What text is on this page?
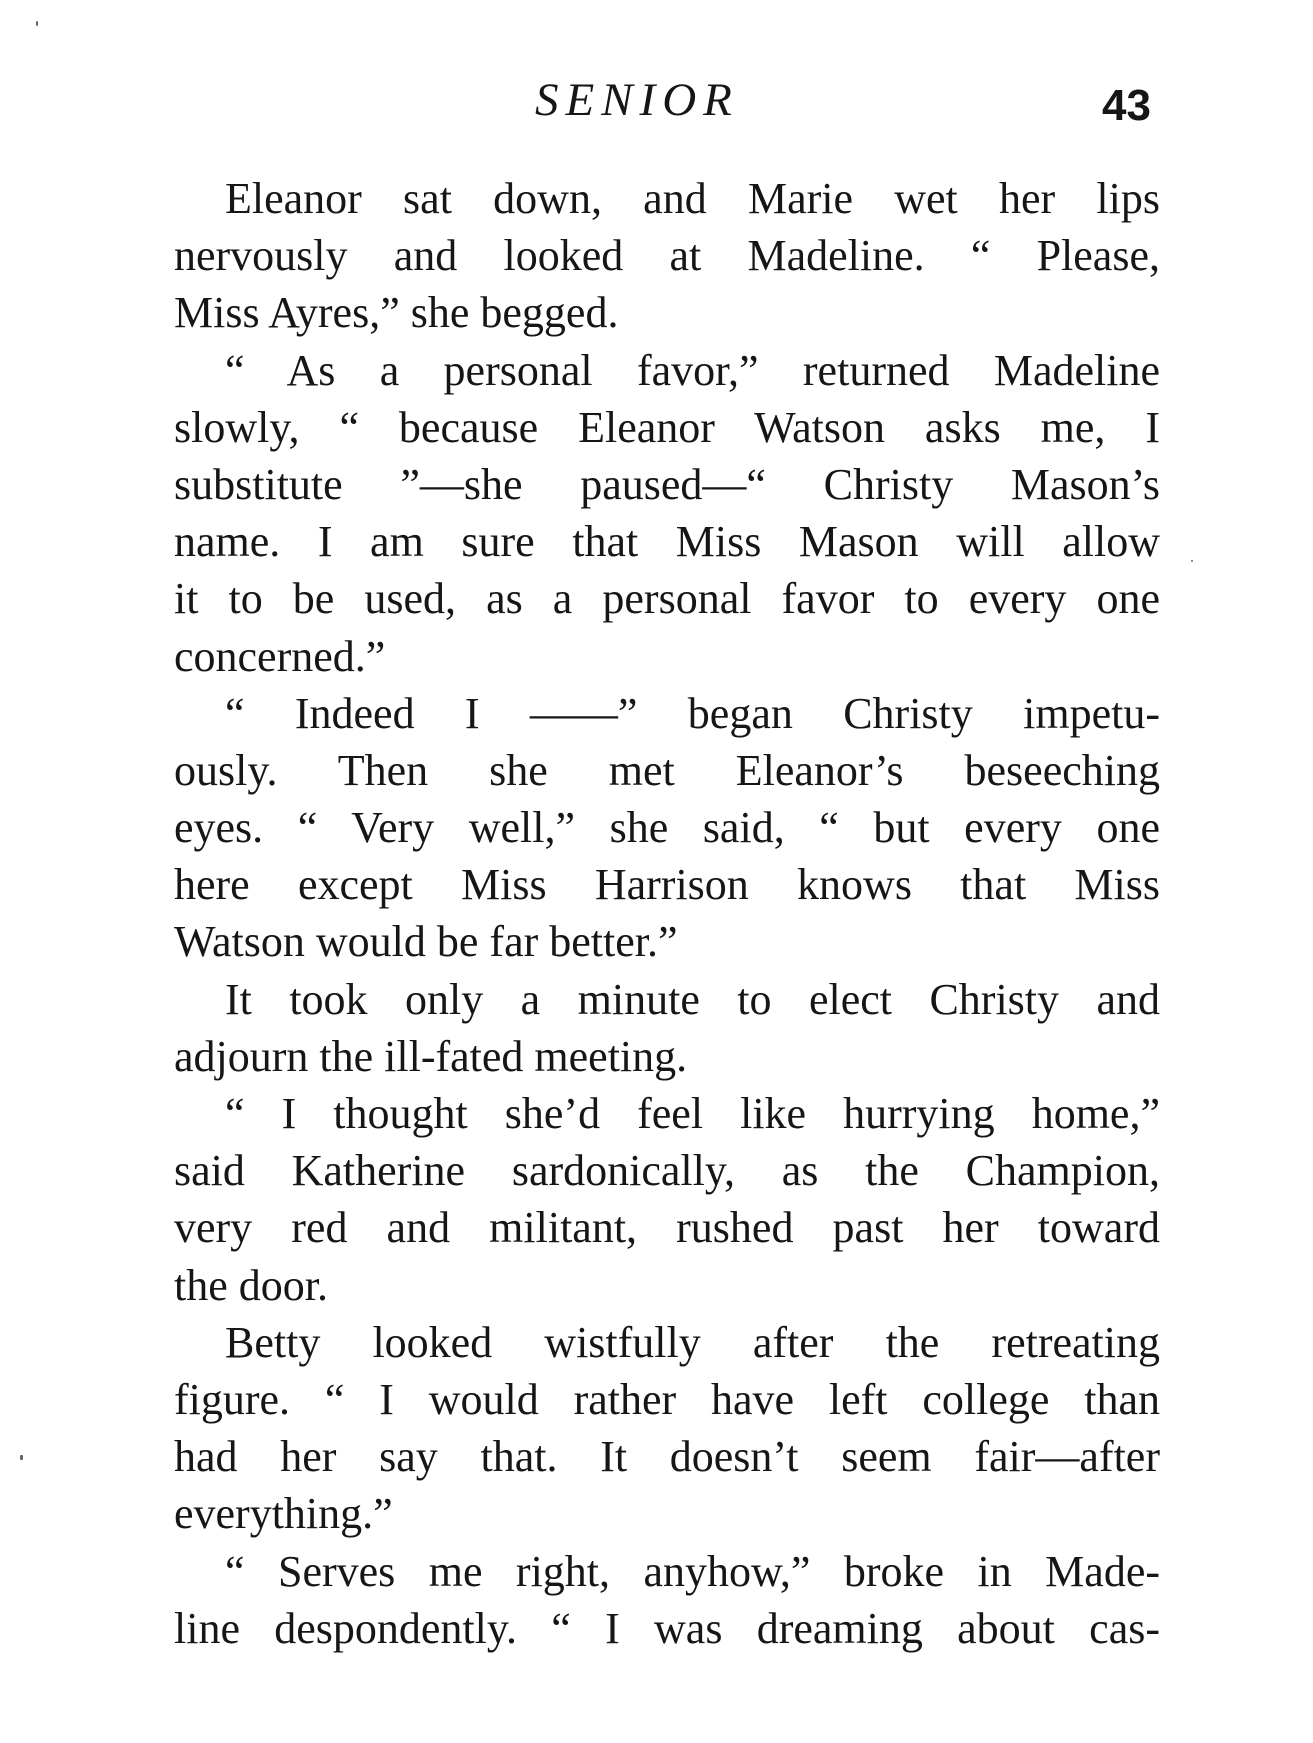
SENIOR	43
Eleanor sat down, and Marie wet her lips
nervously and looked at Madeline. “ Please,
Miss Ayres,” she begged.
“ As a personal favor,” returned Madeline
slowly, “ because Eleanor Watson asks me, I
substitute ”—she paused—“ Christy Mason’s
name. I am sure that Miss Mason will allow
it to be used, as a personal favor to every one
concerned.”
“ Indeed I ——” began Christy impetu-
ously. Then she met Eleanor’s beseeching
eyes. “ Very well,” she said, “ but every one
here except Miss Harrison knows that Miss
Watson would be far better.”
It took only a minute to elect Christy and
adjourn the ill-fated meeting.
“ I thought she’d feel like hurrying home,”
said Katherine sardonically, as the Champion,
very red and militant, rushed past her toward
the door.
Betty looked wistfully after the retreating
figure. “ I would rather have left college than
had her say that. It doesn’t seem fair—after
everything.”
“ Serves me right, anyhow,” broke in Made-
line despondently. “ I was dreaming about cas-
